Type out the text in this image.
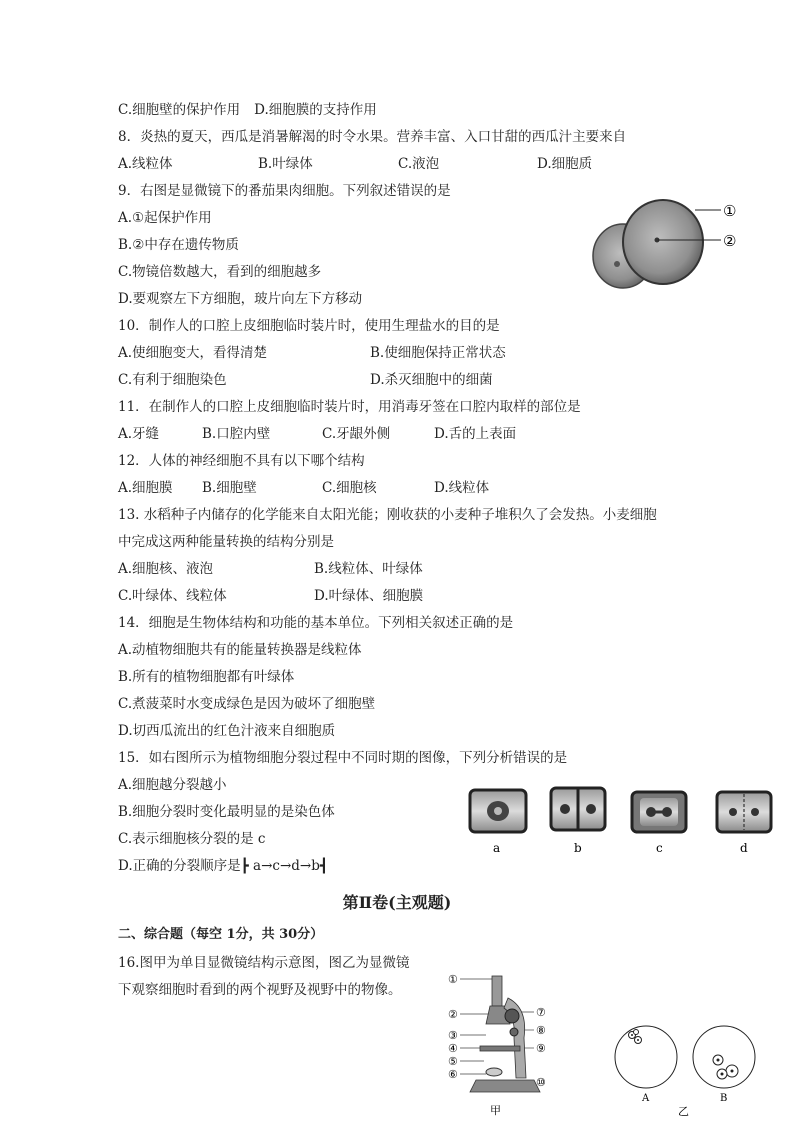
C.细胞壁的保护作用 D.细胞膜的支持作用
8．炎热的夏天，西瓜是消暑解渴的时令水果。营养丰富、入口甘甜的西瓜汁主要来自
A.线粒体	B.叶绿体	C.液泡	D.细胞质
9．右图是显微镜下的番茄果肉细胞。下列叙述错误的是
A.①起保护作用
B.②中存在遗传物质
C.物镜倍数越大，看到的细胞越多
D.要观察左下方细胞，玻片向左下方移动
①
②
10．制作人的口腔上皮细胞临时装片时，使用生理盐水的目的是
A.使细胞变大，看得清楚	B.使细胞保持正常状态
C.有利于细胞染色	D.杀灭细胞中的细菌
11．在制作人的口腔上皮细胞临时装片时，用消毒牙签在口腔内取样的部位是
A.牙缝	B.口腔内壁	C.牙龈外侧	D.舌的上表面
12．人体的神经细胞不具有以下哪个结构
A.细胞膜 B.细胞壁	C.细胞核	D.线粒体
13. 水稻种子内储存的化学能来自太阳光能；刚收获的小麦种子堆积久了会发热。小麦细胞
中完成这两种能量转换的结构分别是
A.细胞核、液泡	B.线粒体、叶绿体
C.叶绿体、线粒体	D.叶绿体、细胞膜
14．细胞是生物体结构和功能的基本单位。下列相关叙述正确的是
A.动植物细胞共有的能量转换器是线粒体
B.所有的植物细胞都有叶绿体
C.煮菠菜时水变成绿色是因为破坏了细胞壁
D.切西瓜流出的红色汁液来自细胞质
15．如右图所示为植物细胞分裂过程中不同时期的图像，下列分析错误的是
A.细胞越分裂越小
B.细胞分裂时变化最明显的是染色体
C.表示细胞核分裂的是 c
D.正确的分裂顺序是┣ a→c→d→b┫
a	b	c	d
第Ⅱ卷(主观题)
二、综合题（每空 1分，共 30分）
16.图甲为单目显微镜结构示意图，图乙为显微镜
下观察细胞时看到的两个视野及视野中的物像。
①
②
③
④
⑤
⑥
⑦
⑧
⑨
⑩
甲
A	B
乙
